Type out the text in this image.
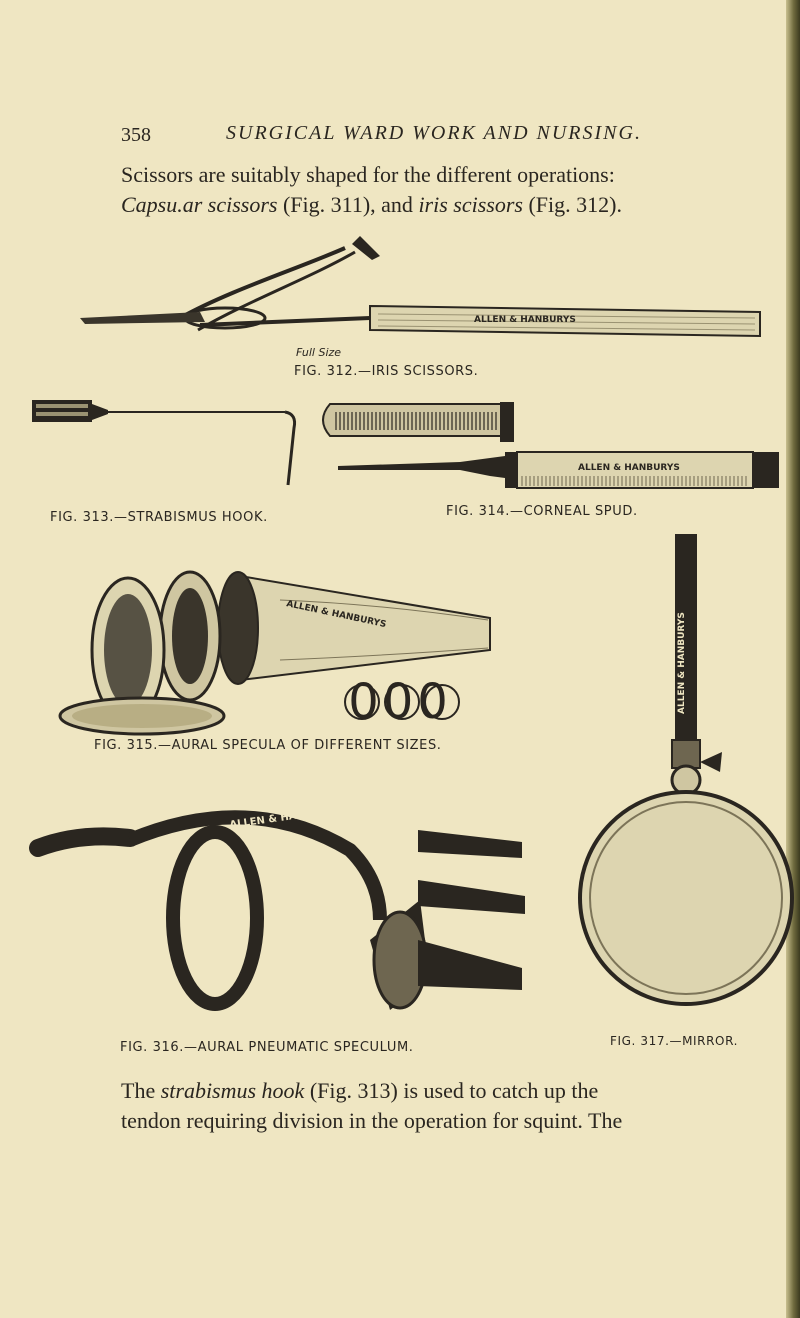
358	SURGICAL WARD WORK AND NURSING.
Scissors are suitably shaped for the different operations:
Capsu.ar scissors (Fig. 311), and iris scissors (Fig. 312).
ALLEN & HANBURYS
Full Size
FIG. 312.—IRIS SCISSORS.
FIG. 313.—STRABISMUS HOOK.
ALLEN & HANBURYS
FIG. 314.—CORNEAL SPUD.
ALLEN & HANBURYS
000
FIG. 315.—AURAL SPECULA OF DIFFERENT SIZES.
ALLEN & HANBURYS
FIG. 316.—AURAL PNEUMATIC SPECULUM.
ALLEN & HANBURYS
FIG. 317.—MIRROR.
The strabismus hook (Fig. 313) is used to catch up the
tendon requiring division in the operation for squint. The
